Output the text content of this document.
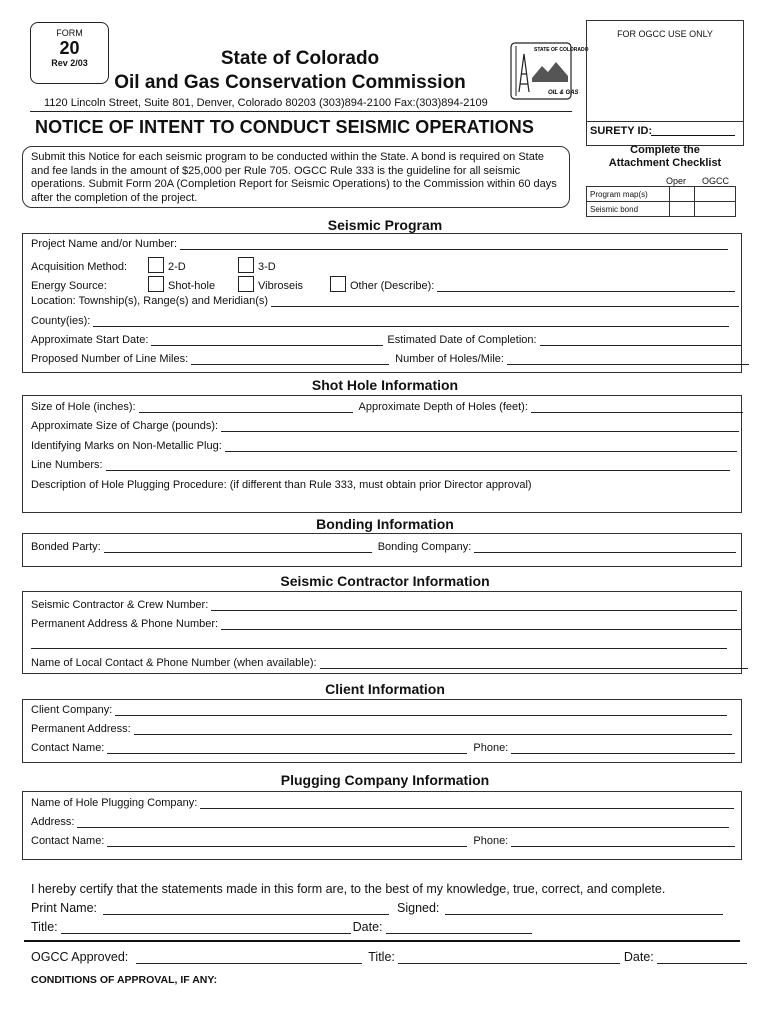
FORM
20
Rev 2/03	State of Colorado
Oil and Gas Conservation Commission
1120 Lincoln Street, Suite 801, Denver, Colorado 80203 (303)894-2100 Fax:(303)894-2109
STATE OF COLORADO
OIL & GAS
NOTICE OF INTENT TO CONDUCT SEISMIC OPERATIONS
FOR OGCC USE ONLY
SURETY ID:
Complete the
Attachment Checklist
Oper OGCC
Program map(s)		
Seismic bond		
Submit this Notice for each seismic program to be conducted within the State. A bond is required on State and fee lands in the amount of $25,000 per Rule 705. OGCC Rule 333 is the guideline for all seismic operations. Submit Form 20A (Completion Report for Seismic Operations) to the Commission within 60 days after the completion of the project.
Seismic Program
Project Name and/or Number:
Acquisition Method:	2-D	3-D
Energy Source:	Shot-hole	Vibroseis	Other (Describe):
Location: Township(s), Range(s) and Meridian(s)
County(ies):
Approximate Start Date:	Estimated Date of Completion:
Proposed Number of Line Miles:	Number of Holes/Mile:
Shot Hole Information
Size of Hole (inches):	Approximate Depth of Holes (feet):
Approximate Size of Charge (pounds):
Identifying Marks on Non-Metallic Plug:
Line Numbers:
Description of Hole Plugging Procedure: (if different than Rule 333, must obtain prior Director approval)
Bonding Information
Bonded Party:	Bonding Company:
Seismic Contractor Information
Seismic Contractor & Crew Number:
Permanent Address & Phone Number:
Name of Local Contact & Phone Number (when available):
Client Information
Client Company:
Permanent Address:
Contact Name:	Phone:
Plugging Company Information
Name of Hole Plugging Company:
Address:
Contact Name:	Phone:
I hereby certify that the statements made in this form are, to the best of my knowledge, true, correct, and complete.
Print Name:	Signed:
Title:	Date:
OGCC Approved:	Title:	Date:
CONDITIONS OF APPROVAL, IF ANY:
